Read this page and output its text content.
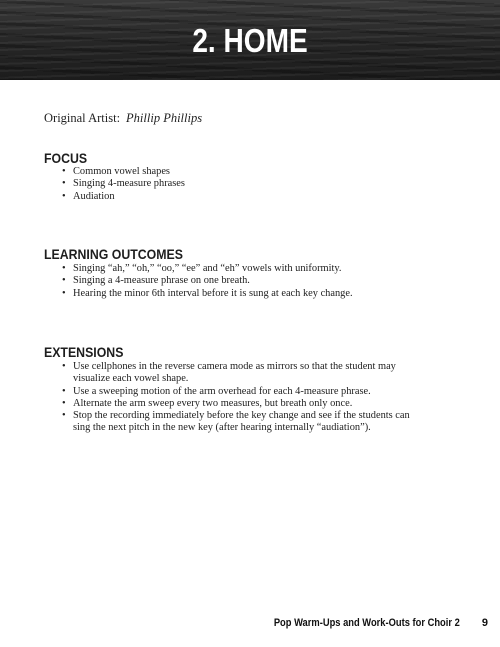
2. HOME
Original Artist: Phillip Phillips
FOCUS
• Common vowel shapes
• Singing 4-measure phrases
• Audiation
LEARNING OUTCOMES
• Singing “ah,” “oh,” “oo,” “ee” and “eh” vowels with uniformity.
• Singing a 4-measure phrase on one breath.
• Hearing the minor 6th interval before it is sung at each key change.
EXTENSIONS
• Use cellphones in the reverse camera mode as mirrors so that the student may visualize each vowel shape.
• Use a sweeping motion of the arm overhead for each 4-measure phrase.
• Alternate the arm sweep every two measures, but breath only once.
• Stop the recording immediately before the key change and see if the students can sing the next pitch in the new key (after hearing internally “audiation”).
Pop Warm-Ups and Work-Outs for Choir 2 9
